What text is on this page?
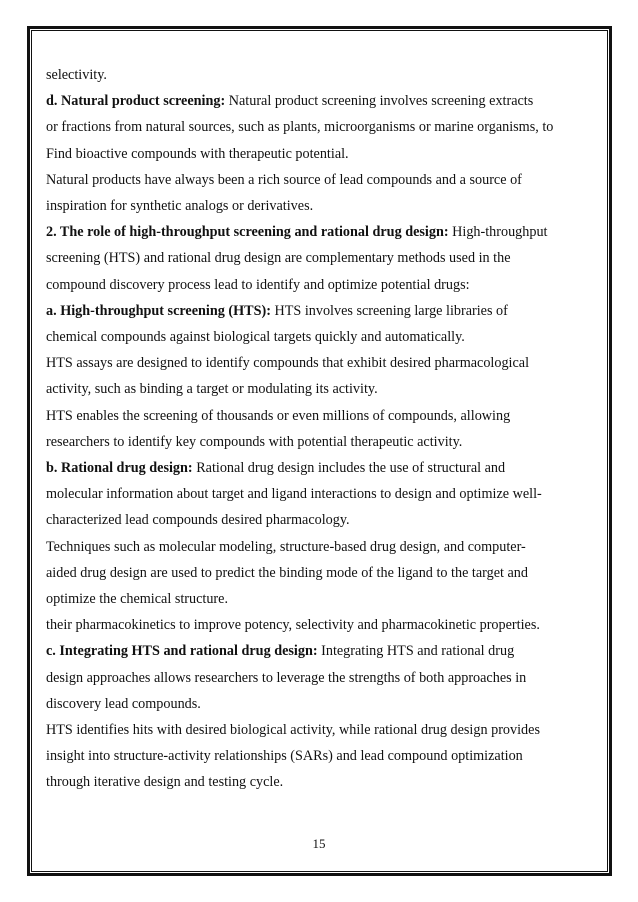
selectivity.
d. Natural product screening: Natural product screening involves screening extracts
or fractions from natural sources, such as plants, microorganisms or marine organisms, to
Find bioactive compounds with therapeutic potential.
Natural products have always been a rich source of lead compounds and a source of
inspiration for synthetic analogs or derivatives.
2. The role of high-throughput screening and rational drug design: High-throughput
screening (HTS) and rational drug design are complementary methods used in the
compound discovery process lead to identify and optimize potential drugs:
a. High-throughput screening (HTS): HTS involves screening large libraries of
chemical compounds against biological targets quickly and automatically.
HTS assays are designed to identify compounds that exhibit desired pharmacological
activity, such as binding a target or modulating its activity.
HTS enables the screening of thousands or even millions of compounds, allowing
researchers to identify key compounds with potential therapeutic activity.
b. Rational drug design: Rational drug design includes the use of structural and
molecular information about target and ligand interactions to design and optimize well-
characterized lead compounds desired pharmacology.
Techniques such as molecular modeling, structure-based drug design, and computer-
aided drug design are used to predict the binding mode of the ligand to the target and
optimize the chemical structure.
their pharmacokinetics to improve potency, selectivity and pharmacokinetic properties.
c. Integrating HTS and rational drug design: Integrating HTS and rational drug
design approaches allows researchers to leverage the strengths of both approaches in
discovery lead compounds.
HTS identifies hits with desired biological activity, while rational drug design provides
insight into structure-activity relationships (SARs) and lead compound optimization
through iterative design and testing cycle.
15
